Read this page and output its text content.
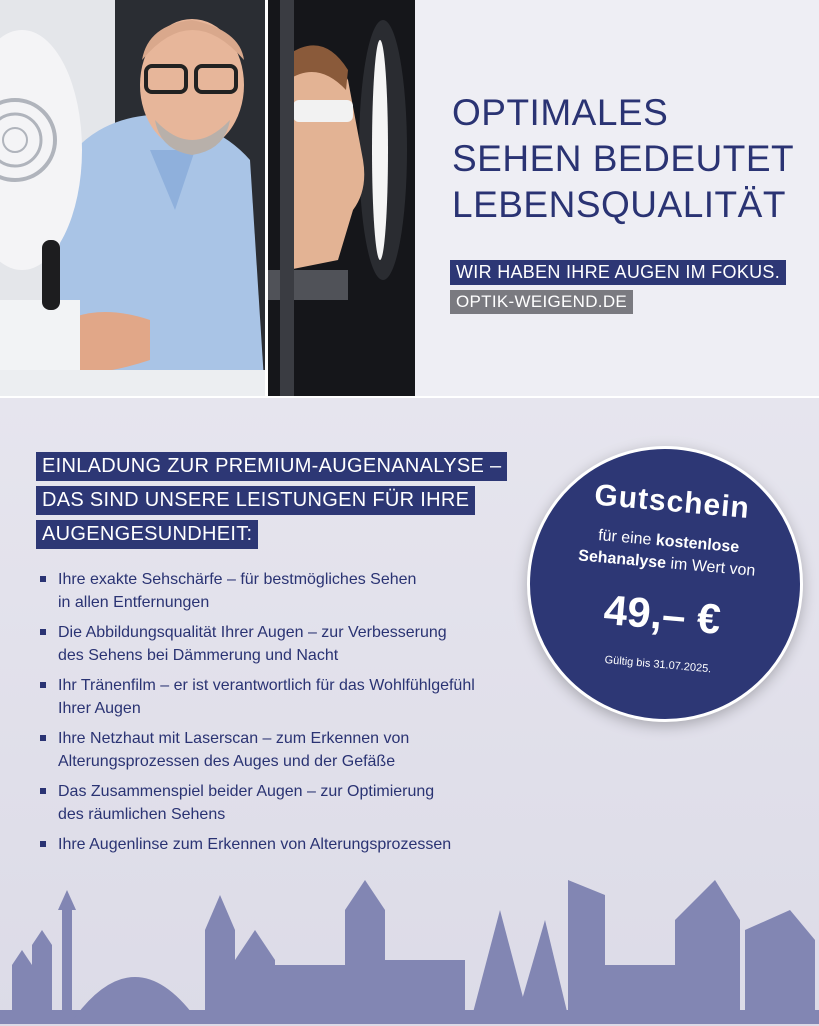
OPTIMALES
SEHEN BEDEUTET
LEBENSQUALITÄT
WIR HABEN IHRE AUGEN IM FOKUS.
OPTIK-WEIGEND.DE
EINLADUNG ZUR PREMIUM-AUGENANALYSE –
DAS SIND UNSERE LEISTUNGEN FÜR IHRE
AUGENGESUNDHEIT:
Ihre exakte Sehschärfe – für bestmögliches Sehen
in allen Entfernungen
Die Abbildungsqualität Ihrer Augen – zur Verbesserung
des Sehens bei Dämmerung und Nacht
Ihr Tränenfilm – er ist verantwortlich für das Wohlfühlgefühl
Ihrer Augen
Ihre Netzhaut mit Laserscan – zum Erkennen von
Alterungsprozessen des Auges und der Gefäße
Das Zusammenspiel beider Augen – zur Optimierung
des räumlichen Sehens
Ihre Augenlinse zum Erkennen von Alterungsprozessen
Gutschein
für eine kostenlose
Sehanalyse im Wert von
49,– €
Gültig bis 31.07.2025.
